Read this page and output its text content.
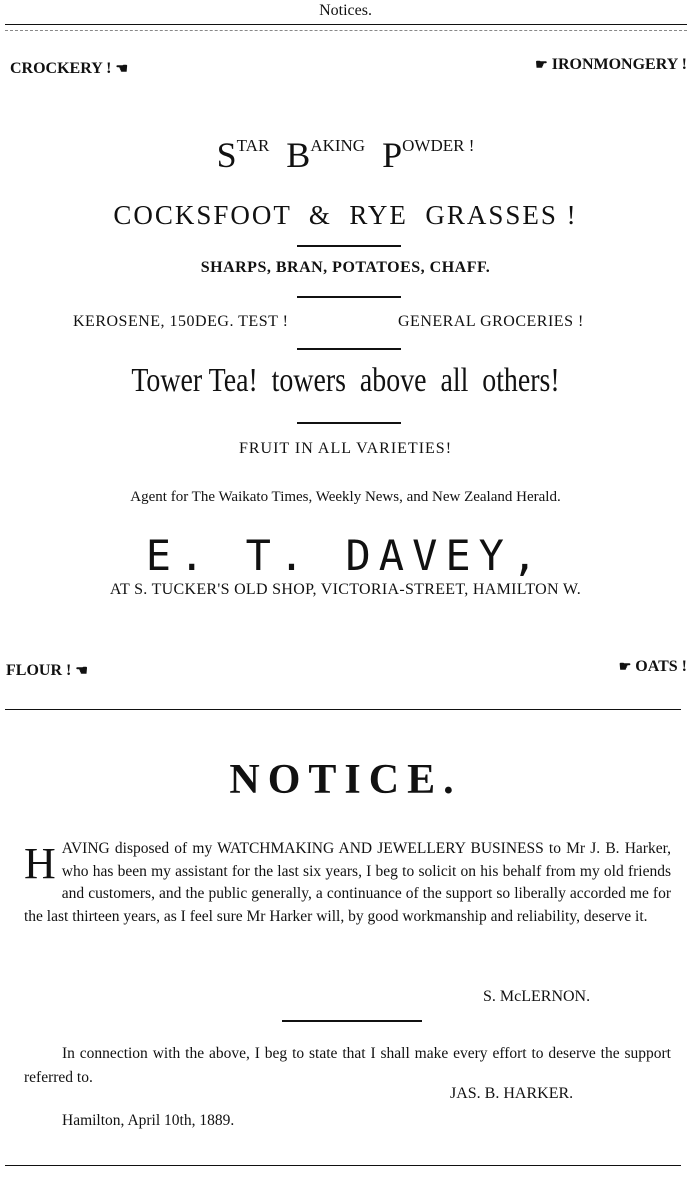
Notices.
CROCKERY ! ☚	☛ IRONMONGERY !
STAR BAKING POWDER !
COCKSFOOT  &  RYE  GRASSES !
SHARPS, BRAN, POTATOES, CHAFF.
KEROSENE, 150DEG. TEST !	GENERAL GROCERIES !
Tower Tea!  towers  above  all  others!
FRUIT IN ALL VARIETIES!
Agent for The Waikato Times, Weekly News, and New Zealand Herald.
E. T. DAVEY,
AT S. TUCKER'S OLD SHOP, VICTORIA-STREET, HAMILTON W.
FLOUR ! ☚	☛ OATS !
NOTICE.
H AVING disposed of my WATCHMAKING AND JEWELLERY BUSINESS to Mr J. B. Harker, who has been my assistant for the last six years, I beg to solicit on his behalf from my old friends and customers, and the public generally, a continuance of the support so liberally accorded me for the last thirteen years, as I feel sure Mr Harker will, by good workmanship and reliability, deserve it.

S. McLERNON.
In connection with the above, I beg to state that I shall make every effort to deserve the support referred to.
JAS. B. HARKER.
Hamilton, April 10th, 1889.
